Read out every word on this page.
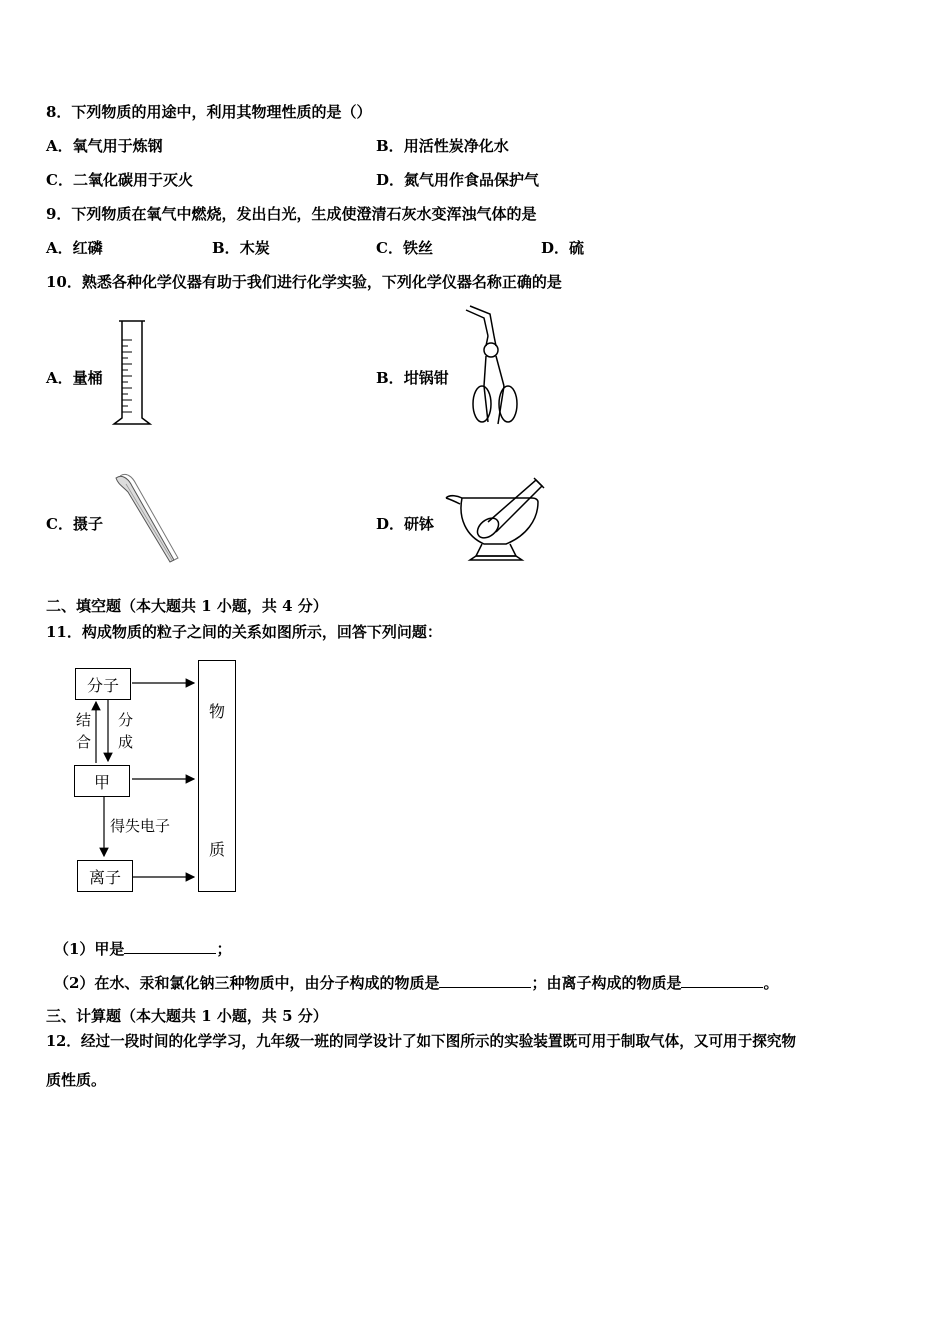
8．下列物质的用途中，利用其物理性质的是（）
A．氧气用于炼钢	B．用活性炭净化水
C．二氧化碳用于灭火	D．氮气用作食品保护气
9．下列物质在氧气中燃烧，发出白光，生成使澄清石灰水变浑浊气体的是
A．红磷	B．木炭	C．铁丝	D．硫
10．熟悉各种化学仪器有助于我们进行化学实验，下列化学仪器名称正确的是
A．量桶	B．坩锅钳
C．摄子	D．研钵
二、填空题（本大题共 1 小题，共 4 分）
11．构成物质的粒子之间的关系如图所示，回答下列问题：
分子
甲
离子
物
质
结
合
分
成
得失电子
（1）甲是	；
（2）在水、汞和氯化钠三种物质中，由分子构成的物质是	；由离子构成的物质是	。
三、计算题（本大题共 1 小题，共 5 分）
12．经过一段时间的化学学习，九年级一班的同学设计了如下图所示的实验装置既可用于制取气体，又可用于探究物
质性质。
